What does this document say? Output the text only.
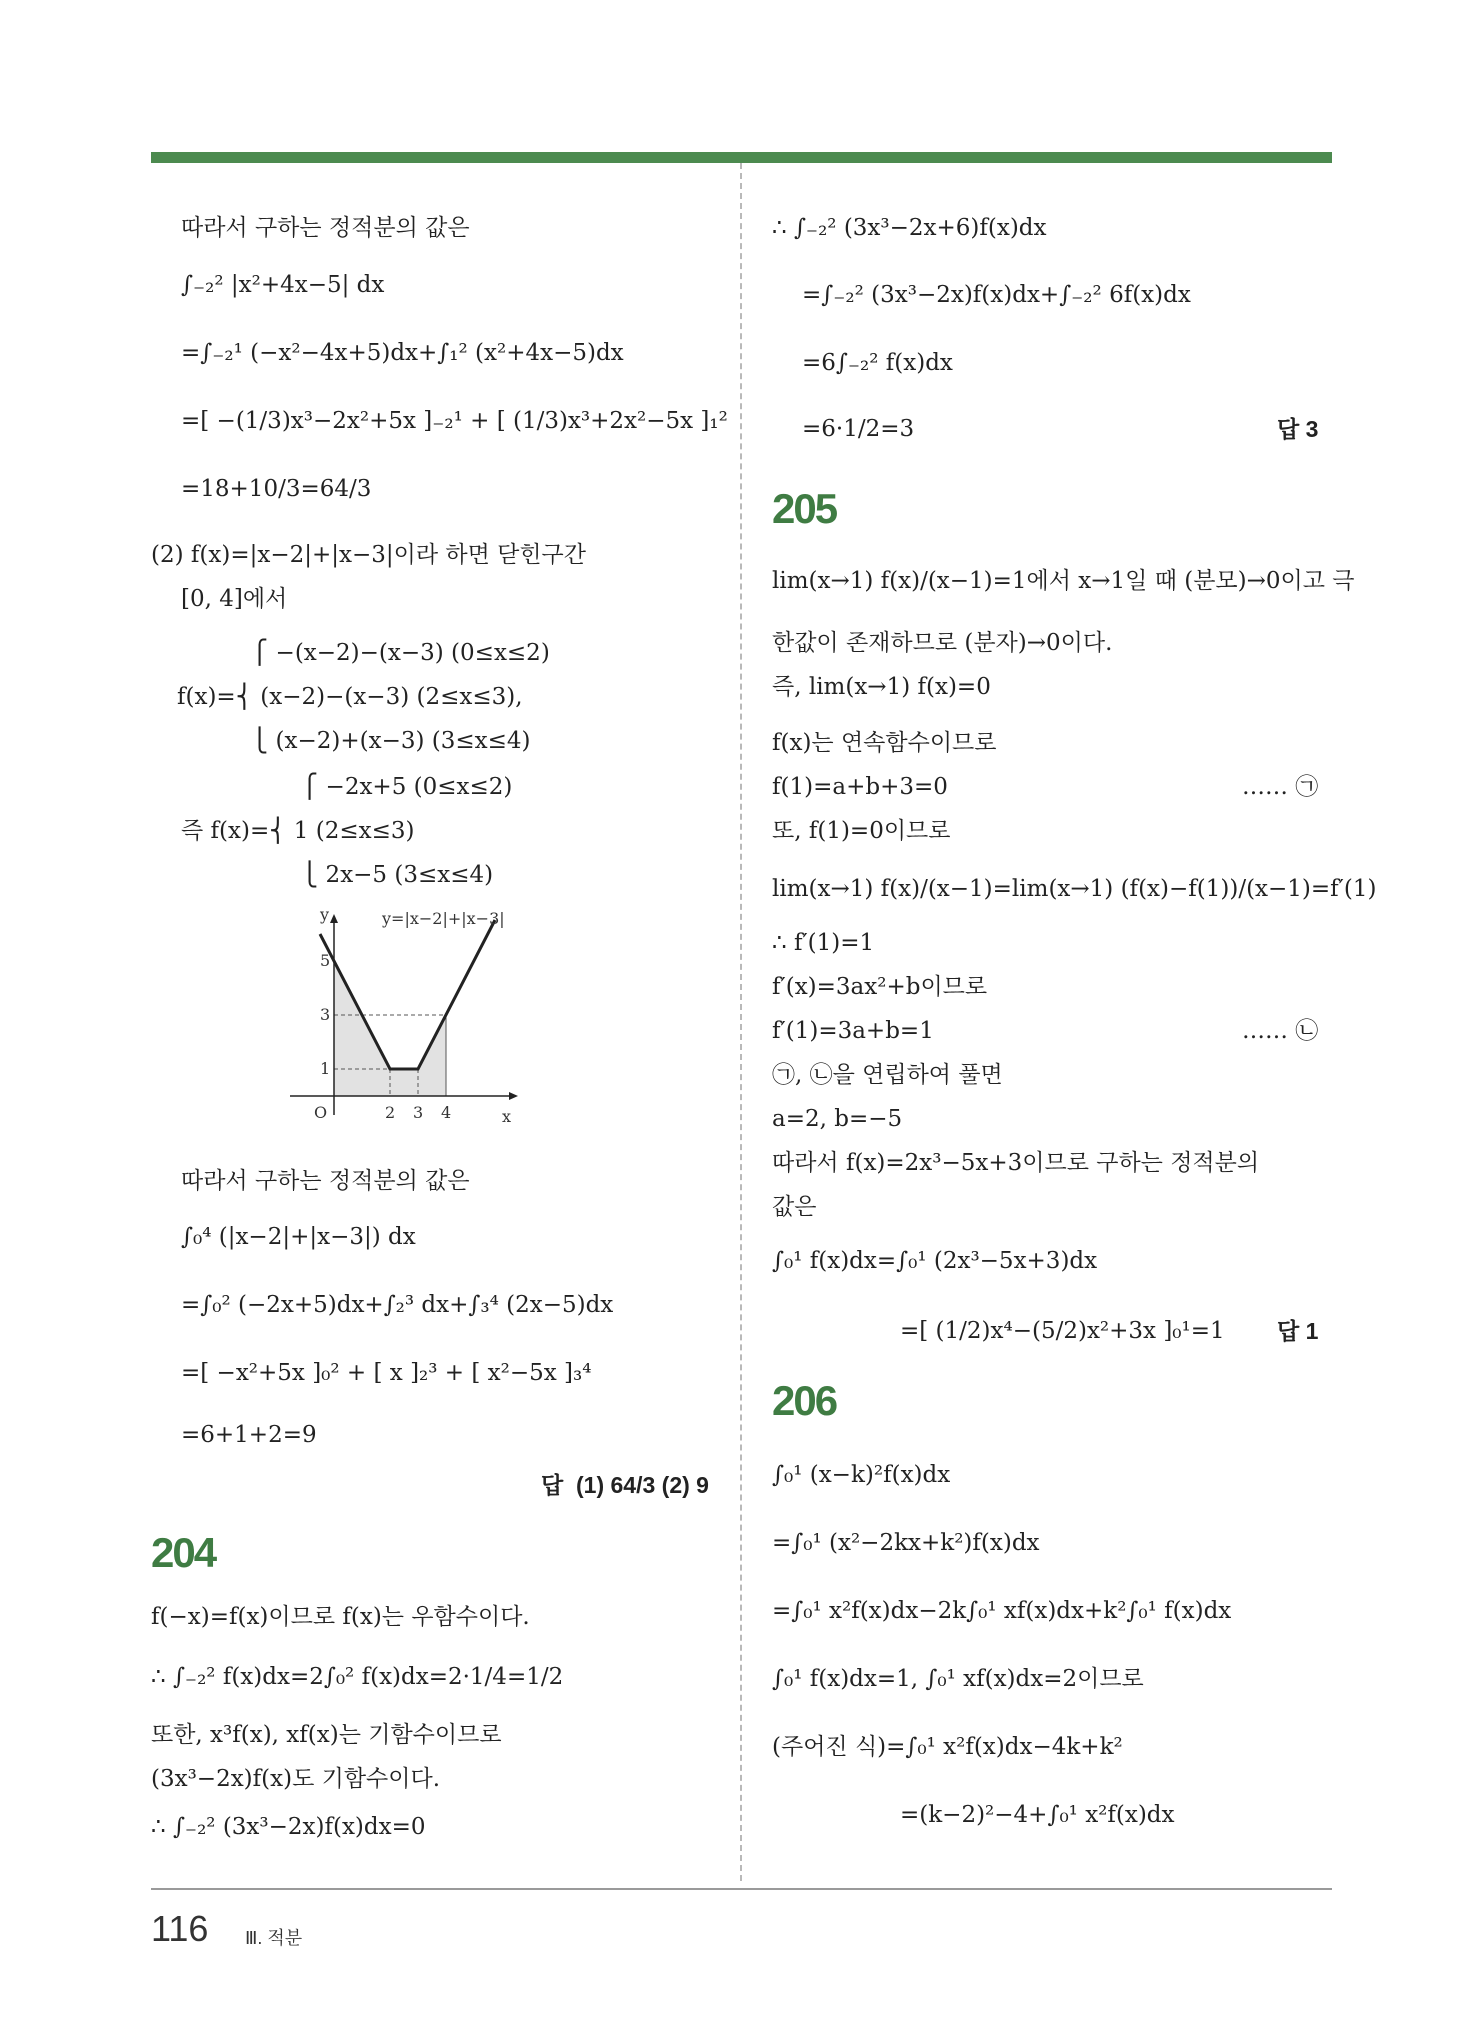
따라서 구하는 정적분의 값은
∫₋₂² |x²+4x−5| dx
=∫₋₂¹ (−x²−4x+5)dx+∫₁² (x²+4x−5)dx
=[ −(1/3)x³−2x²+5x ]₋₂¹ + [ (1/3)x³+2x²−5x ]₁²
=18+10/3=64/3
(2) f(x)=|x−2|+|x−3|이라 하면 닫힌구간
[0, 4]에서
⎧ −(x−2)−(x−3) (0≤x≤2)
f(x)=⎨ (x−2)−(x−3) (2≤x≤3),
⎩ (x−2)+(x−3) (3≤x≤4)
⎧ −2x+5 (0≤x≤2)
즉 f(x)=⎨ 1 (2≤x≤3)
⎩ 2x−5 (3≤x≤4)
따라서 구하는 정적분의 값은
∫₀⁴ (|x−2|+|x−3|) dx
=∫₀² (−2x+5)dx+∫₂³ dx+∫₃⁴ (2x−5)dx
=[ −x²+5x ]₀² + [ x ]₂³ + [ x²−5x ]₃⁴
=6+1+2=9
답 (1) 64/3 (2) 9
204
f(−x)=f(x)이므로 f(x)는 우함수이다.
∴ ∫₋₂² f(x)dx=2∫₀² f(x)dx=2·1/4=1/2
또한, x³f(x), xf(x)는 기함수이므로
(3x³−2x)f(x)도 기함수이다.
∴ ∫₋₂² (3x³−2x)f(x)dx=0
y
x
O
y=|x−2|+|x−3|
5
3
1
2 3 4
∴ ∫₋₂² (3x³−2x+6)f(x)dx
=∫₋₂² (3x³−2x)f(x)dx+∫₋₂² 6f(x)dx
=6∫₋₂² f(x)dx
=6·1/2=3	답 3
205
lim(x→1) f(x)/(x−1)=1에서 x→1일 때 (분모)→0이고 극
한값이 존재하므로 (분자)→0이다.
즉, lim(x→1) f(x)=0
f(x)는 연속함수이므로
f(1)=a+b+3=0	…… ㉠
또, f(1)=0이므로
lim(x→1) f(x)/(x−1)=lim(x→1) (f(x)−f(1))/(x−1)=f′(1)
∴ f′(1)=1
f′(x)=3ax²+b이므로
f′(1)=3a+b=1	…… ㉡
㉠, ㉡을 연립하여 풀면
a=2, b=−5
따라서 f(x)=2x³−5x+3이므로 구하는 정적분의
값은
∫₀¹ f(x)dx=∫₀¹ (2x³−5x+3)dx
=[ (1/2)x⁴−(5/2)x²+3x ]₀¹=1 답 1
206
∫₀¹ (x−k)²f(x)dx
=∫₀¹ (x²−2kx+k²)f(x)dx
=∫₀¹ x²f(x)dx−2k∫₀¹ xf(x)dx+k²∫₀¹ f(x)dx
∫₀¹ f(x)dx=1, ∫₀¹ xf(x)dx=2이므로
(주어진 식)=∫₀¹ x²f(x)dx−4k+k²
=(k−2)²−4+∫₀¹ x²f(x)dx
116 Ⅲ. 적분
